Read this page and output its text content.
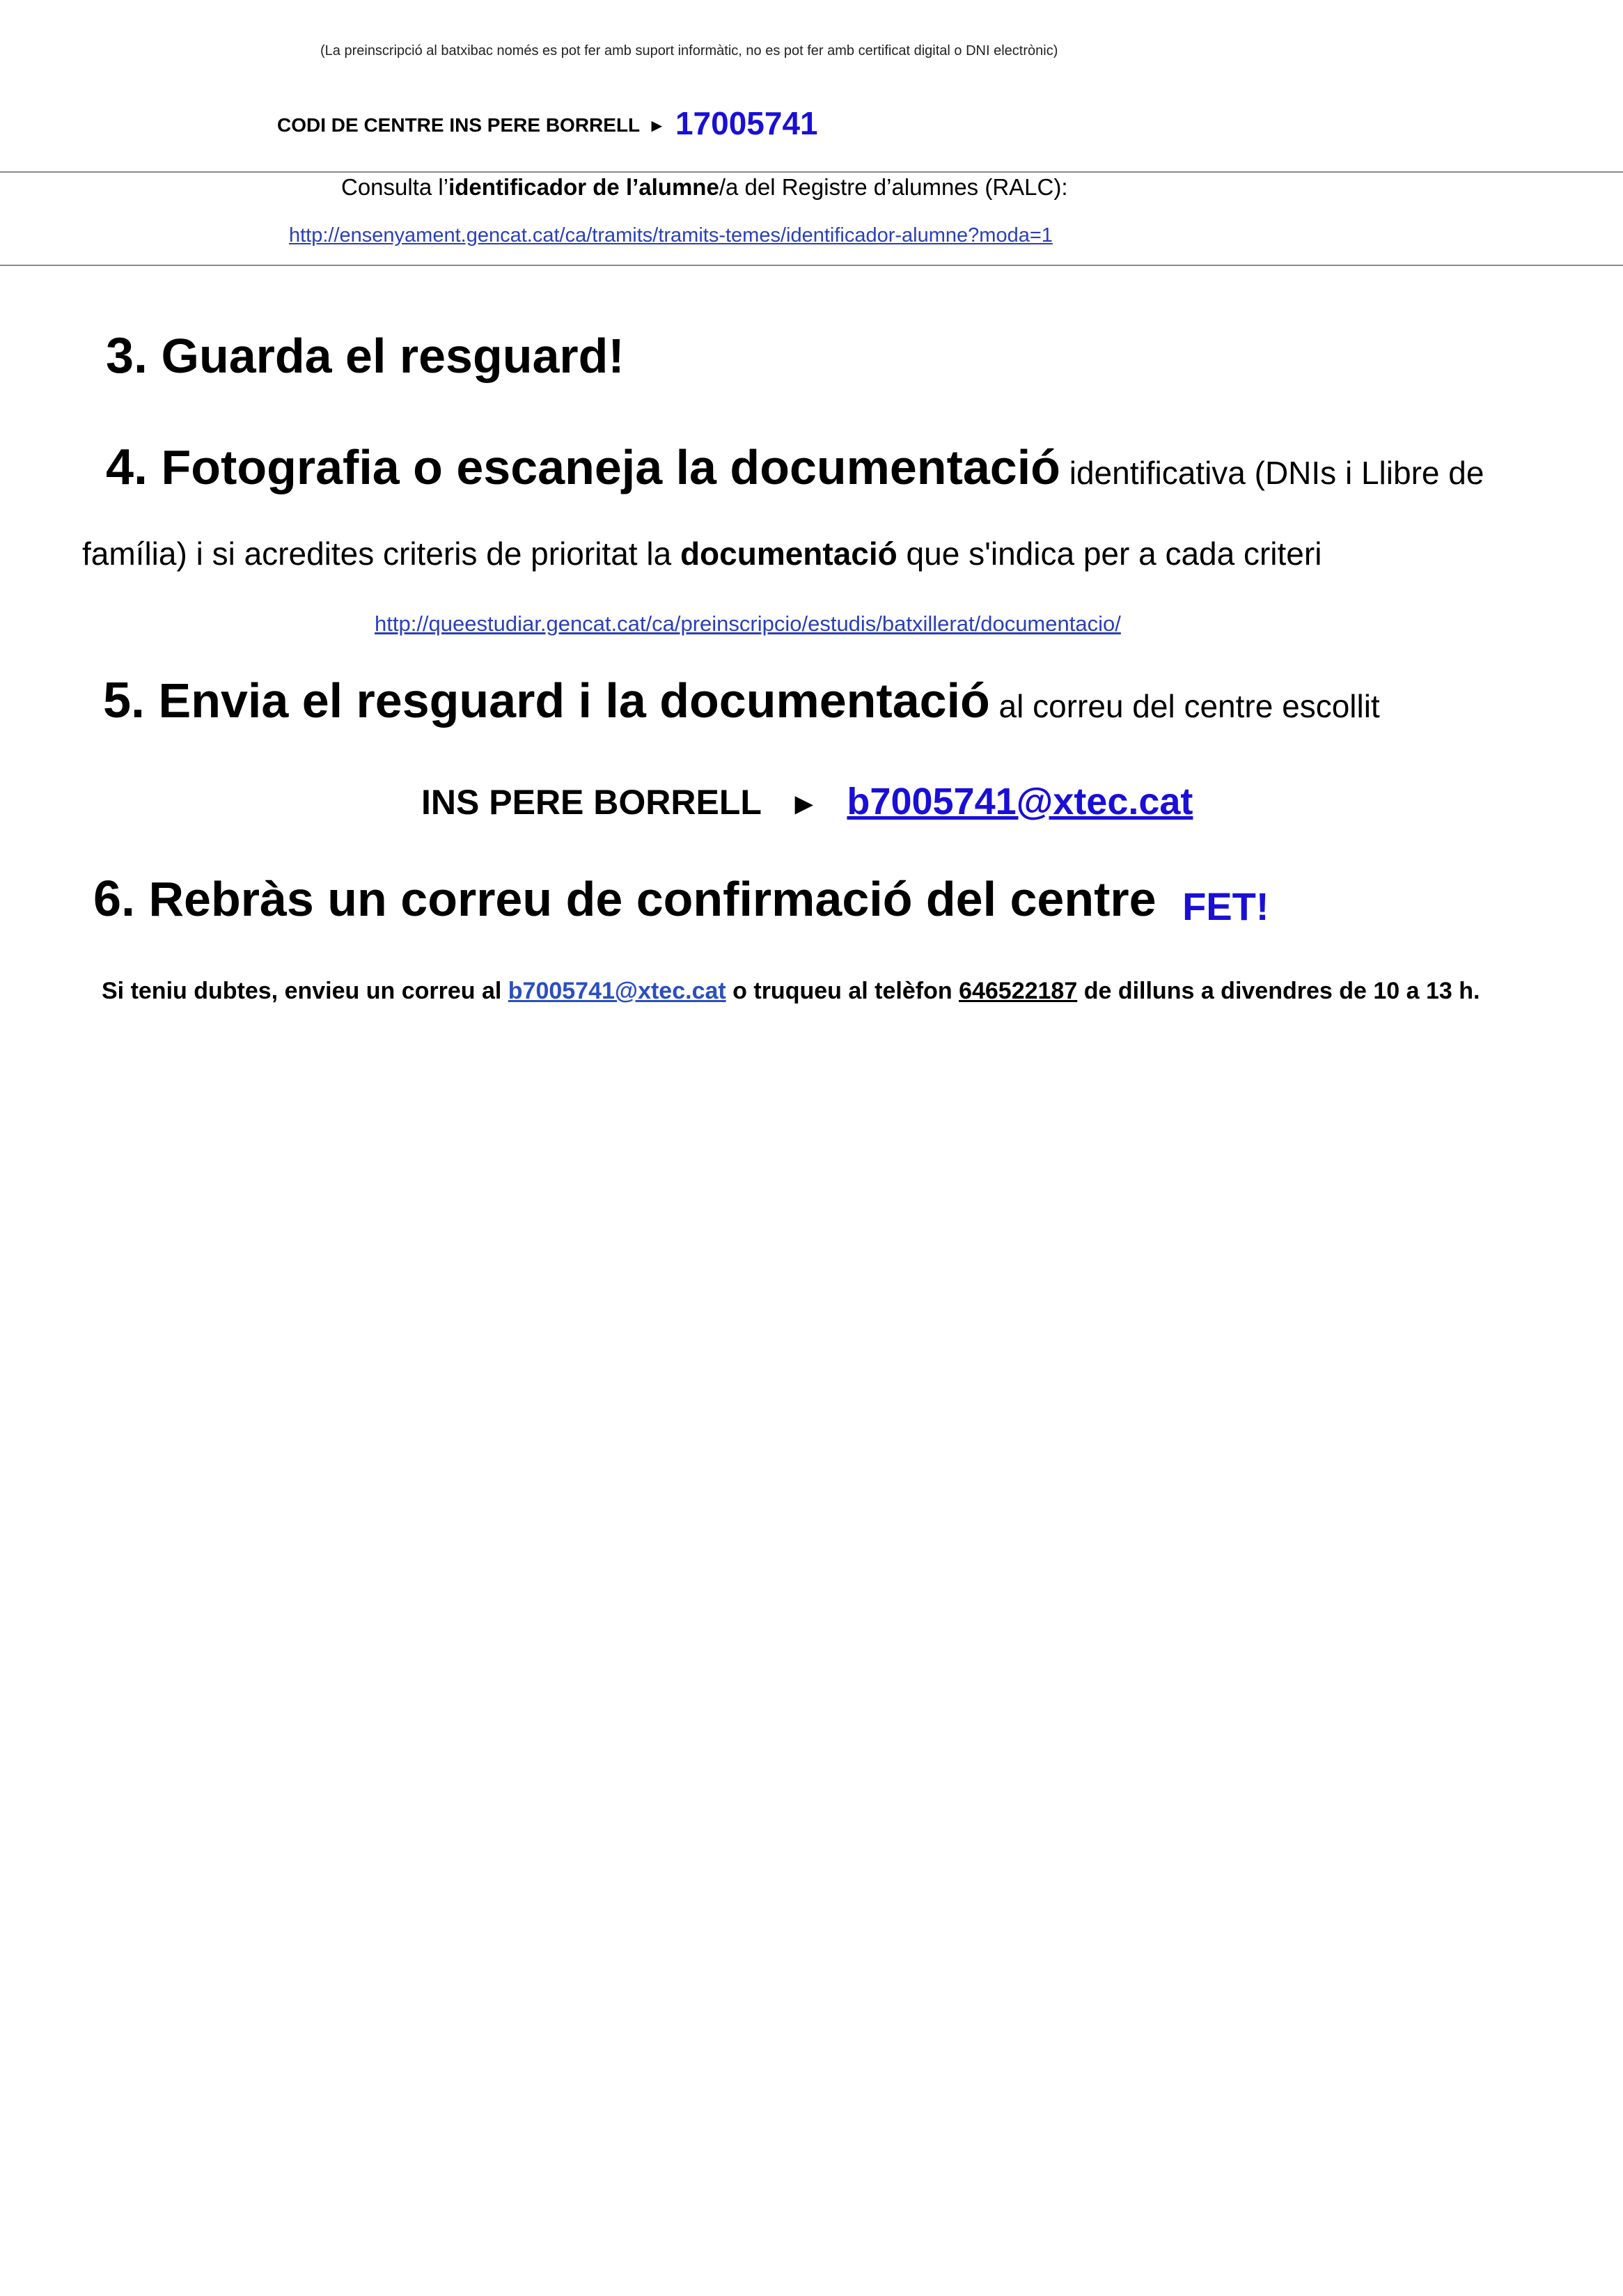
(La preinscripció al batxibac només es pot fer amb suport informàtic, no es pot fer amb certificat digital o DNI electrònic)
CODI DE CENTRE INS PERE BORRELL ► 17005741
Consulta l’identificador de l’alumne/a del Registre d’alumnes (RALC):
http://ensenyament.gencat.cat/ca/tramits/tramits-temes/identificador-alumne?moda=1
3. Guarda el resguard!
4. Fotografia o escaneja la documentació identificativa (DNIs i Llibre de
família) i si acredites criteris de prioritat la documentació que s'indica per a cada criteri
http://queestudiar.gencat.cat/ca/preinscripcio/estudis/batxillerat/documentacio/
5. Envia el resguard i la documentació al correu del centre escollit
INS PERE BORRELL ► b7005741@xtec.cat
6. Rebràs un correu de confirmació del centre FET!
Si teniu dubtes, envieu un correu al b7005741@xtec.cat o truqueu al telèfon 646522187 de dilluns a divendres de 10 a 13 h.
